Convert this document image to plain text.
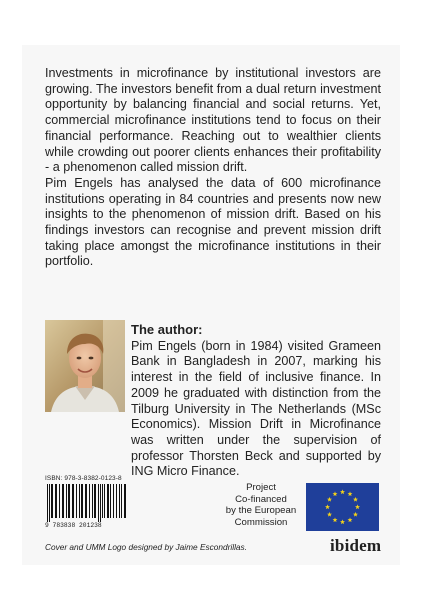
Investments in microfinance by institutional investors are growing. The investors benefit from a dual return investment opportunity by balancing financial and social returns. Yet, commercial microfinance institutions tend to focus on their financial performance. Reaching out to wealthier clients while crowding out poorer clients enhances their profitability - a phenomenon called mission drift.

Pim Engels has analysed the data of 600 microfinance institutions operating in 84 countries and presents now new insights to the phenomenon of mission drift. Based on his findings investors can recognise and prevent mission drift taking place amongst the microfinance institutions in their portfolio.

The author:

Pim Engels (born in 1984) visited Grameen Bank in Bangladesh in 2007, marking his interest in the field of inclusive finance. In 2009 he graduated with distinction from the Tilburg University in The Netherlands (MSc Economics). Mission Drift in Microfinance was written under the supervision of professor Thorsten Beck and supported by ING Micro Finance.

ISBN: 978-3-8382-0123-8
9 783838 201238
Project
Co-financed
by the European
Commission
Cover and UMM Logo designed by Jaime Escondrillas.	ibidem
